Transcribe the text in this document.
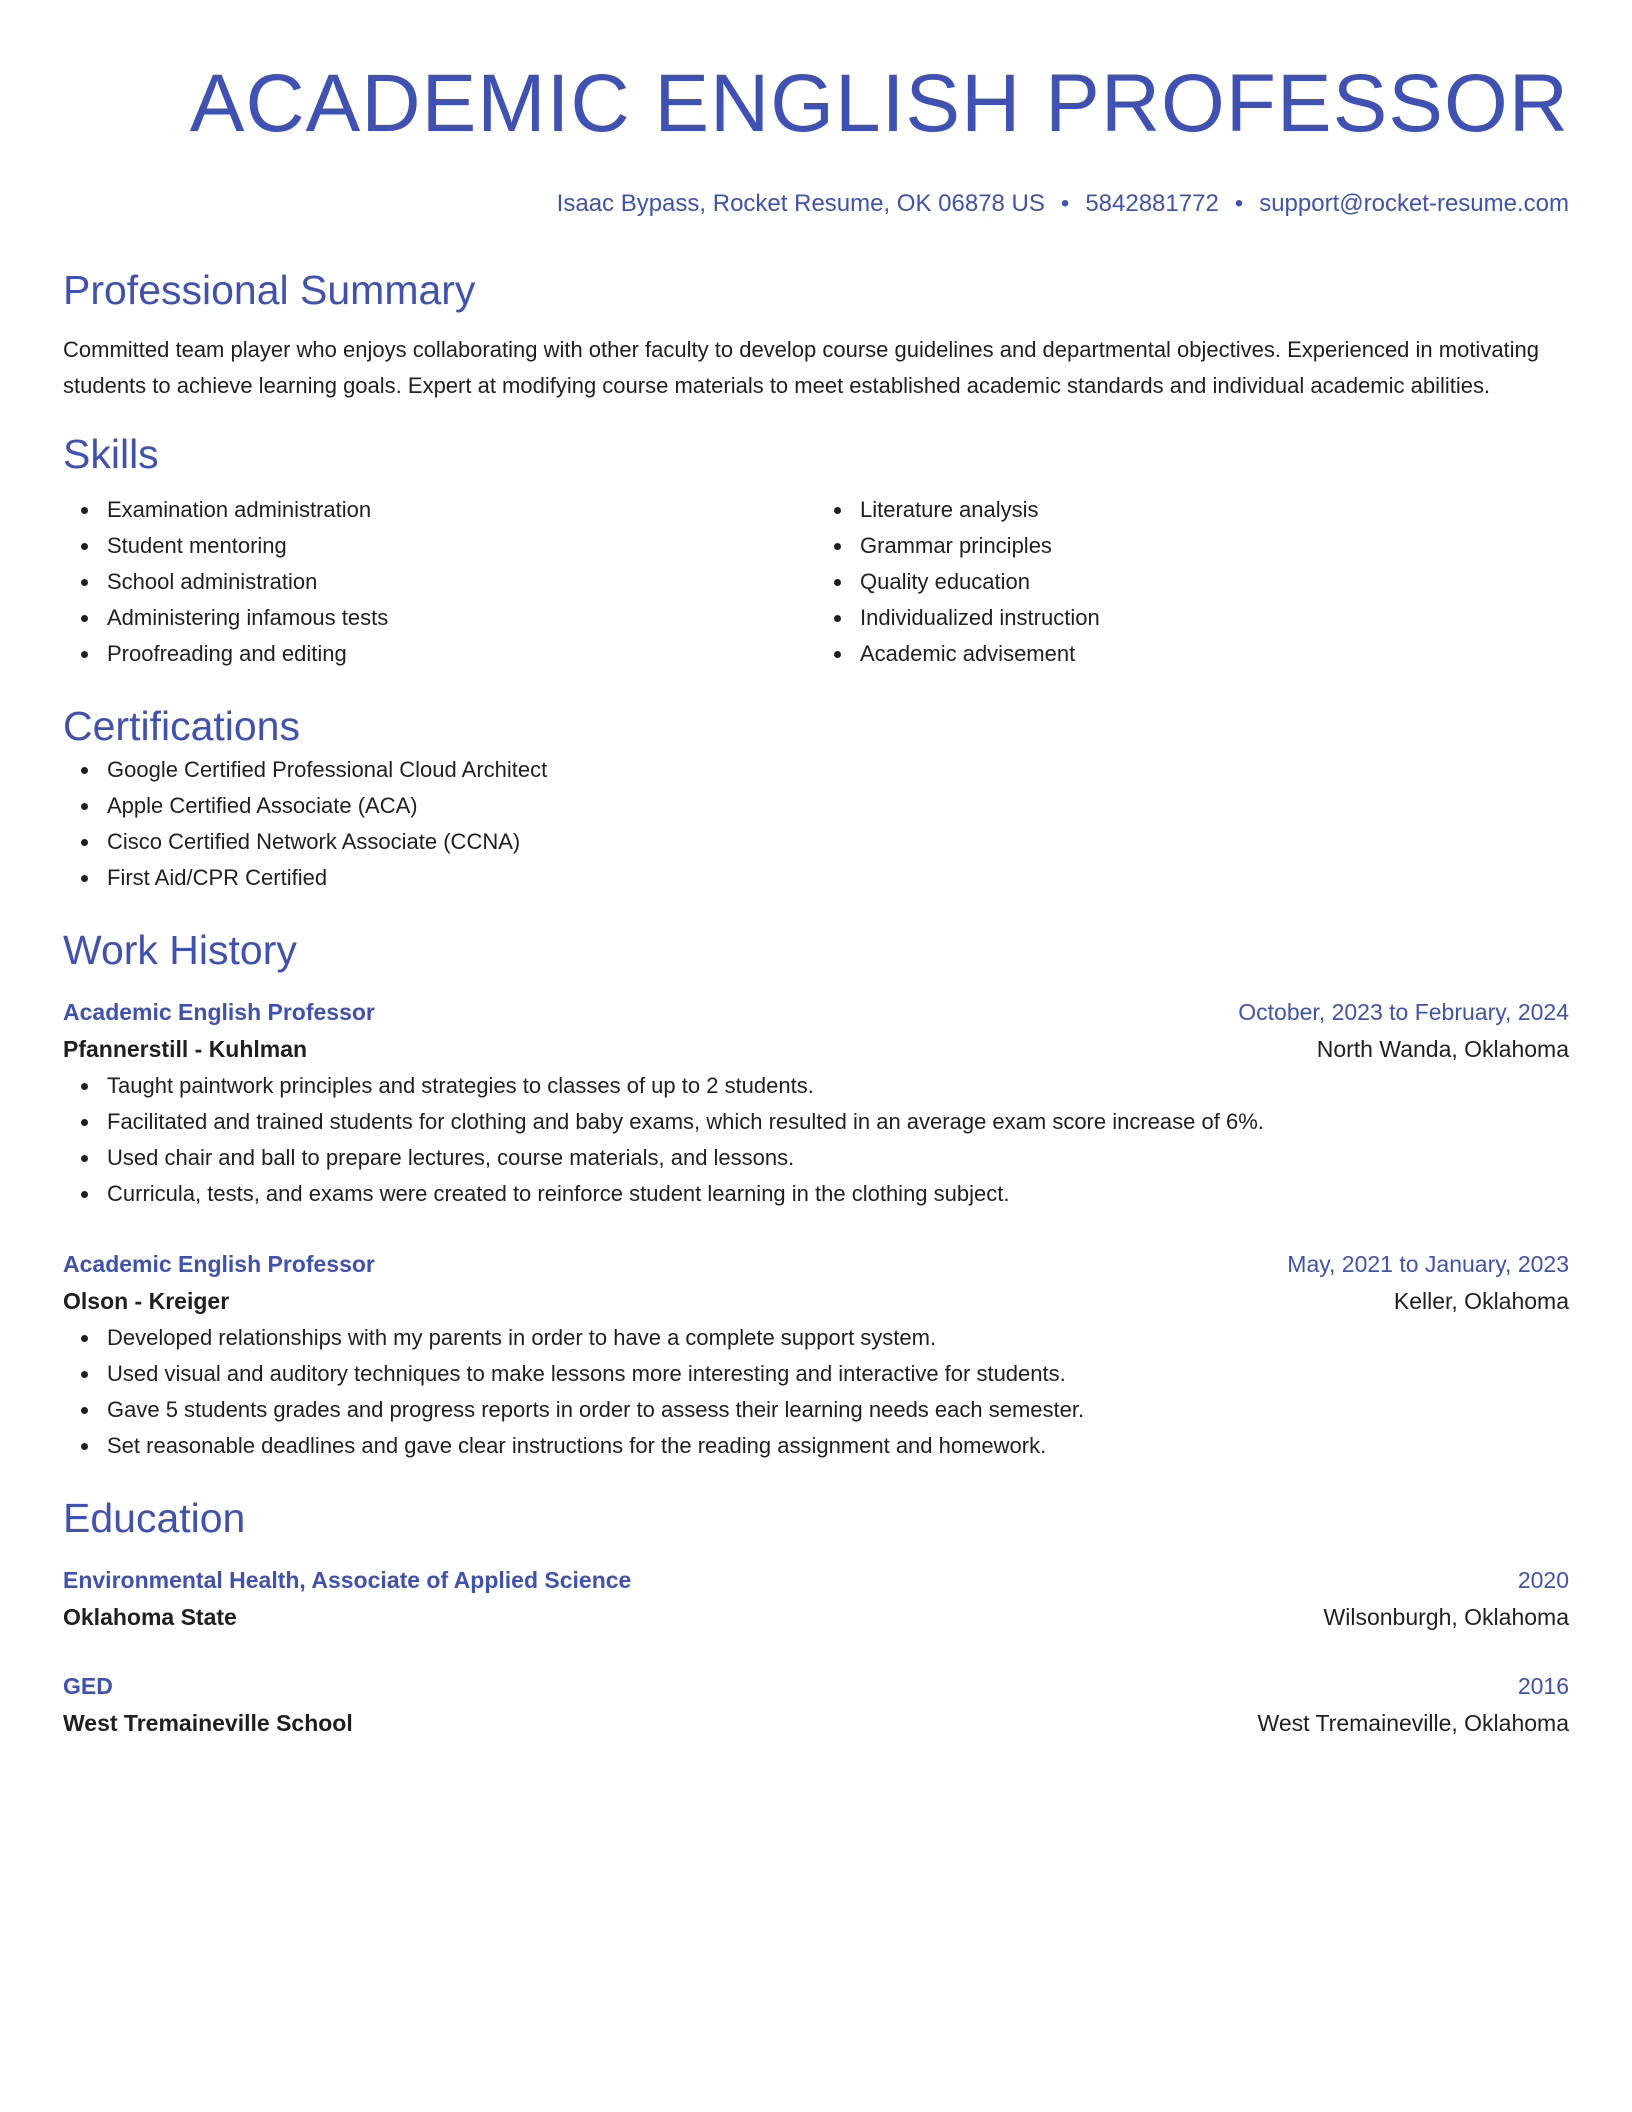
ACADEMIC ENGLISH PROFESSOR
Isaac Bypass, Rocket Resume, OK 06878 US • 5842881772 • support@rocket-resume.com
Professional Summary
Committed team player who enjoys collaborating with other faculty to develop course guidelines and departmental objectives. Experienced in motivating students to achieve learning goals. Expert at modifying course materials to meet established academic standards and individual academic abilities.
Skills
Examination administration
Student mentoring
School administration
Administering infamous tests
Proofreading and editing
Literature analysis
Grammar principles
Quality education
Individualized instruction
Academic advisement
Certifications
Google Certified Professional Cloud Architect
Apple Certified Associate (ACA)
Cisco Certified Network Associate (CCNA)
First Aid/CPR Certified
Work History
Academic English Professor	October, 2023 to February, 2024
Pfannerstill - Kuhlman	North Wanda, Oklahoma
Taught paintwork principles and strategies to classes of up to 2 students.
Facilitated and trained students for clothing and baby exams, which resulted in an average exam score increase of 6%.
Used chair and ball to prepare lectures, course materials, and lessons.
Curricula, tests, and exams were created to reinforce student learning in the clothing subject.
Academic English Professor	May, 2021 to January, 2023
Olson - Kreiger	Keller, Oklahoma
Developed relationships with my parents in order to have a complete support system.
Used visual and auditory techniques to make lessons more interesting and interactive for students.
Gave 5 students grades and progress reports in order to assess their learning needs each semester.
Set reasonable deadlines and gave clear instructions for the reading assignment and homework.
Education
Environmental Health, Associate of Applied Science	2020
Oklahoma State	Wilsonburgh, Oklahoma
GED	2016
West Tremaineville School	West Tremaineville, Oklahoma
